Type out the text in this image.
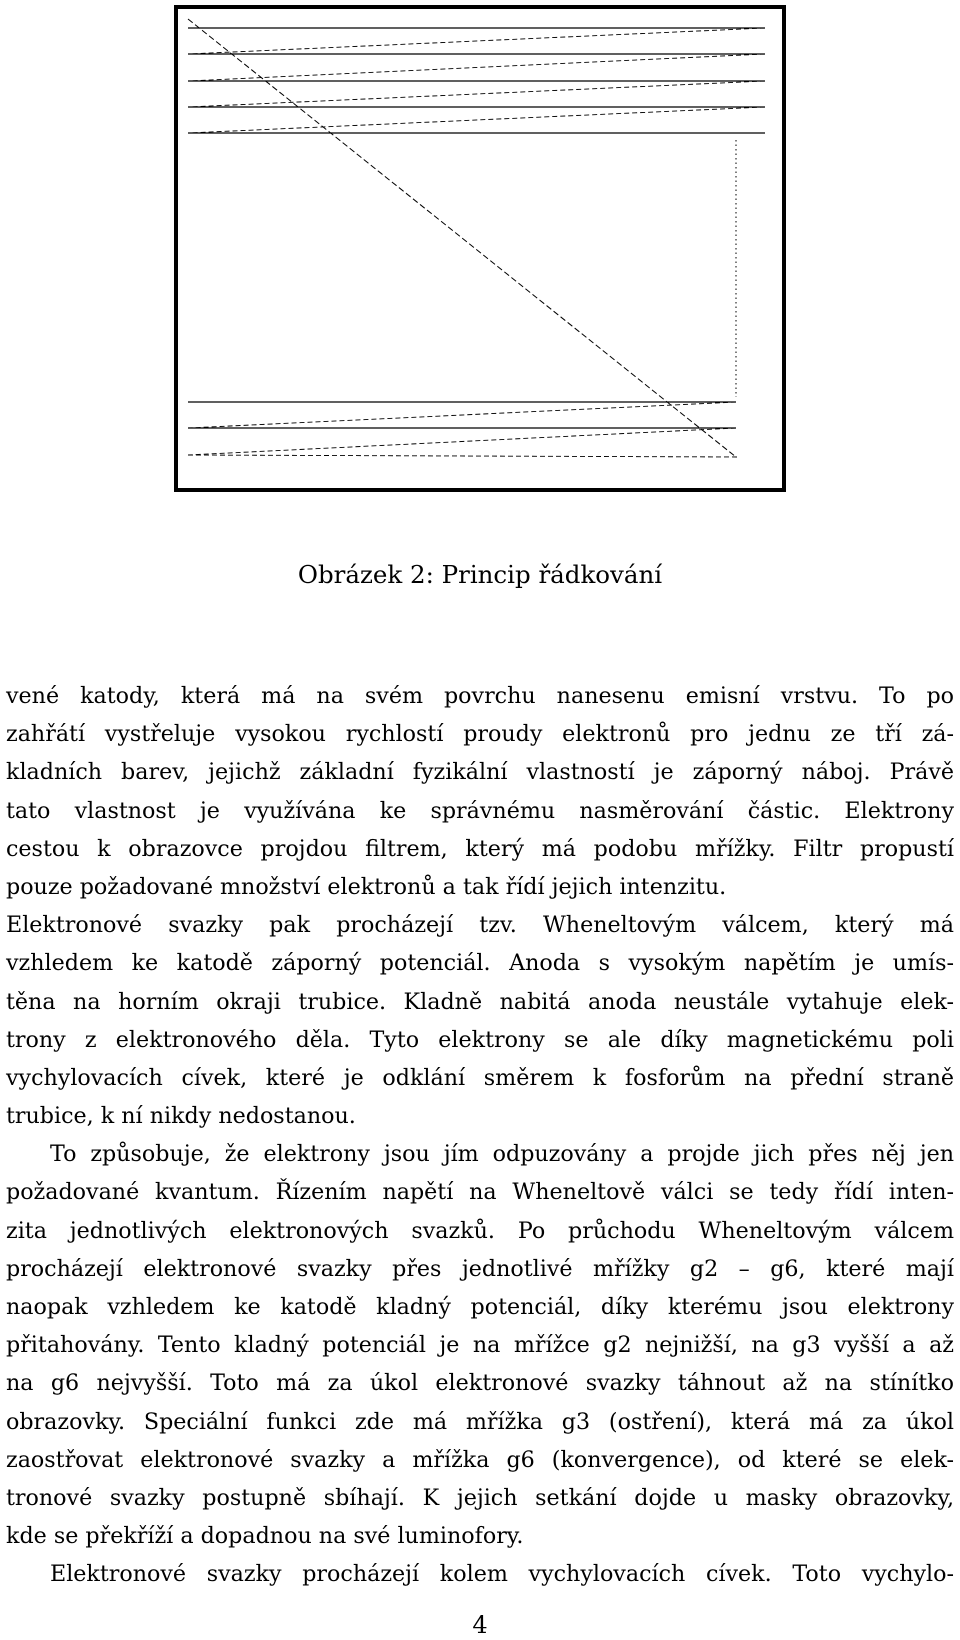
Obrázek 2: Princip řádkování
vené katody, která má na svém povrchu nanesenu emisní vrstvu. To po
zahřátí vystřeluje vysokou rychlostí proudy elektronů pro jednu ze tří zá-
kladních barev, jejichž základní fyzikální vlastností je záporný náboj. Právě
tato vlastnost je využívána ke správnému nasměrování částic. Elektrony
cestou k obrazovce projdou filtrem, který má podobu mřížky. Filtr propustí
pouze požadované množství elektronů a tak řídí jejich intenzitu.
Elektronové svazky pak procházejí tzv. Wheneltovým válcem, který má
vzhledem ke katodě záporný potenciál. Anoda s vysokým napětím je umís-
těna na horním okraji trubice. Kladně nabitá anoda neustále vytahuje elek-
trony z elektronového děla. Tyto elektrony se ale díky magnetickému poli
vychylovacích cívek, které je odklání směrem k fosforům na přední straně
trubice, k ní nikdy nedostanou.
To způsobuje, že elektrony jsou jím odpuzovány a projde jich přes něj jen
požadované kvantum. Řízením napětí na Wheneltově válci se tedy řídí inten-
zita jednotlivých elektronových svazků. Po průchodu Wheneltovým válcem
procházejí elektronové svazky přes jednotlivé mřížky g2 – g6, které mají
naopak vzhledem ke katodě kladný potenciál, díky kterému jsou elektrony
přitahovány. Tento kladný potenciál je na mřížce g2 nejnižší, na g3 vyšší a až
na g6 nejvyšší. Toto má za úkol elektronové svazky táhnout až na stínítko
obrazovky. Speciální funkci zde má mřížka g3 (ostření), která má za úkol
zaostřovat elektronové svazky a mřížka g6 (konvergence), od které se elek-
tronové svazky postupně sbíhají. K jejich setkání dojde u masky obrazovky,
kde se překříží a dopadnou na své luminofory.
Elektronové svazky procházejí kolem vychylovacích cívek. Toto vychylo-
4
